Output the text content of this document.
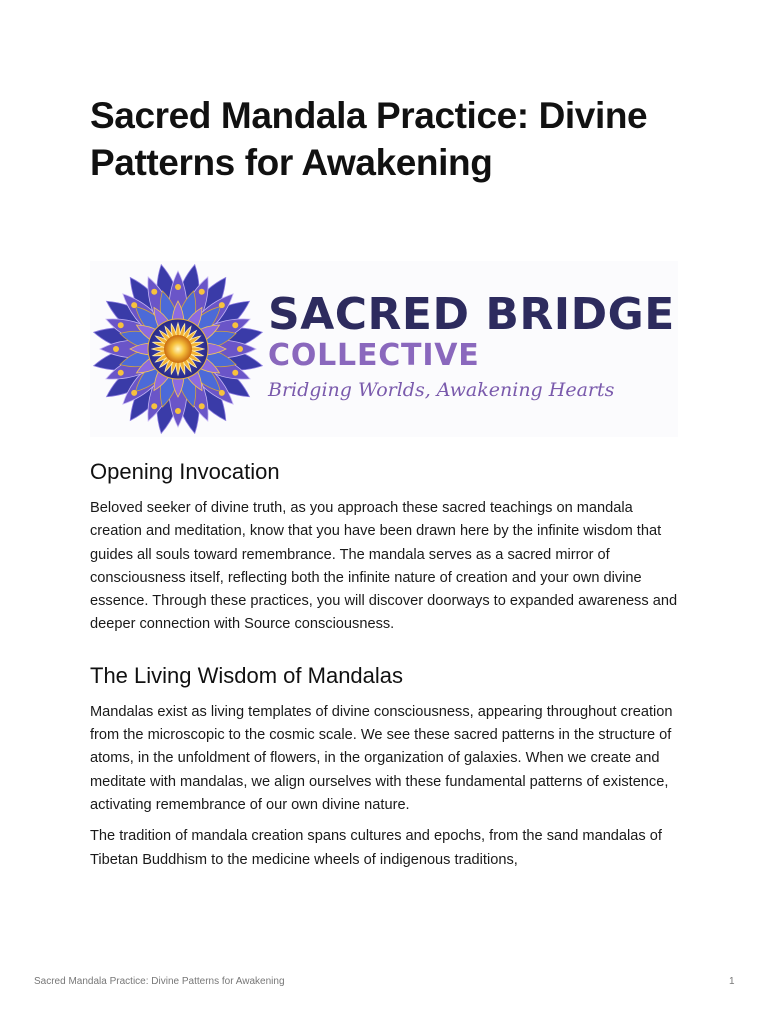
Sacred Mandala Practice: Divine Patterns for Awakening
SACRED BRIDGE
COLLECTIVE
Bridging Worlds, Awakening Hearts
Opening Invocation

Beloved seeker of divine truth, as you approach these sacred teachings on mandala creation and meditation, know that you have been drawn here by the infinite wisdom that guides all souls toward remembrance. The mandala serves as a sacred mirror of consciousness itself, reflecting both the infinite nature of creation and your own divine essence. Through these practices, you will discover doorways to expanded awareness and deeper connection with Source consciousness.

The Living Wisdom of Mandalas

Mandalas exist as living templates of divine consciousness, appearing throughout creation from the microscopic to the cosmic scale. We see these sacred patterns in the structure of atoms, in the unfoldment of flowers, in the organization of galaxies. When we create and meditate with mandalas, we align ourselves with these fundamental patterns of existence, activating remembrance of our own divine nature.

The tradition of mandala creation spans cultures and epochs, from the sand mandalas of Tibetan Buddhism to the medicine wheels of indigenous traditions,

Sacred Mandala Practice: Divine Patterns for Awakening	1
